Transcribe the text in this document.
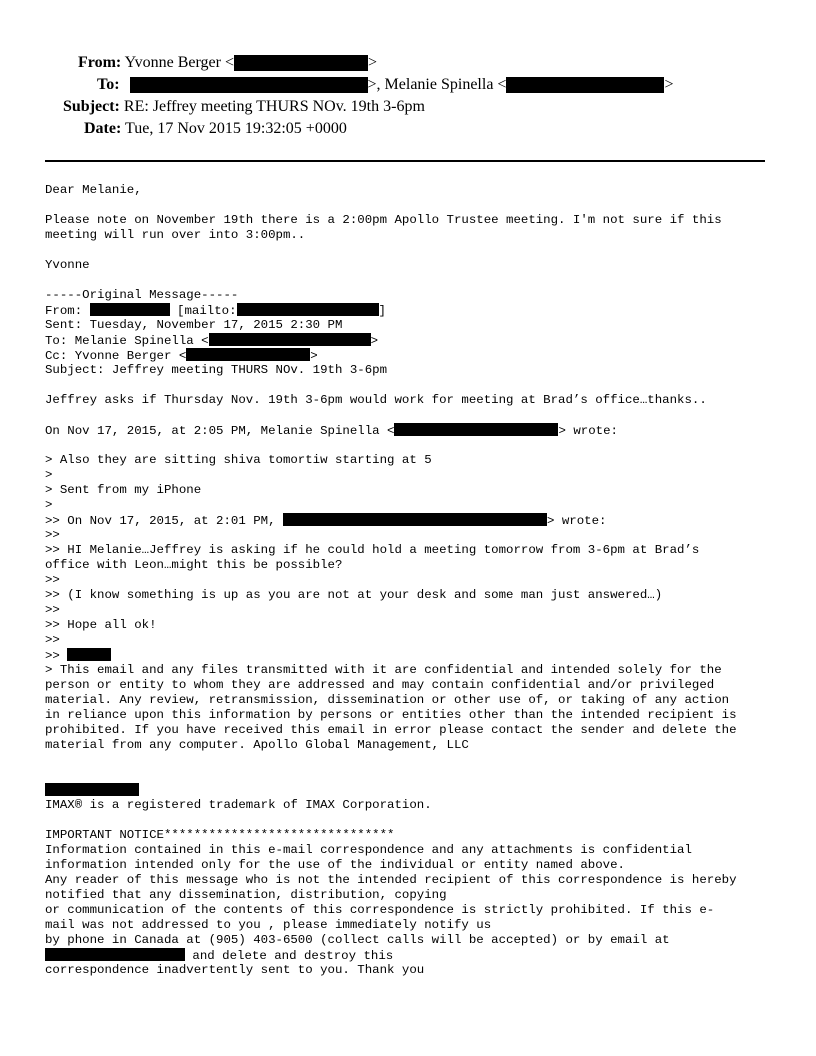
From: Yvonne Berger <	>
To:	>, Melanie Spinella <	>
Subject: RE: Jeffrey meeting THURS NOv. 19th 3-6pm
Date: Tue, 17 Nov 2015 19:32:05 +0000
Dear Melanie,
Please note on November 19th there is a 2:00pm Apollo Trustee meeting. I'm not sure if this
meeting will run over into 3:00pm..
Yvonne
-----Original Message-----
From:	[mailto:	]
Sent: Tuesday, November 17, 2015 2:30 PM
To: Melanie Spinella <	>
Cc: Yvonne Berger <	>
Subject: Jeffrey meeting THURS NOv. 19th 3-6pm
Jeffrey asks if Thursday Nov. 19th 3-6pm would work for meeting at Brad’s office…thanks..
On Nov 17, 2015, at 2:05 PM, Melanie Spinella <	> wrote:
> Also they are sitting shiva tomortiw starting at 5
>
> Sent from my iPhone
>
>> On Nov 17, 2015, at 2:01 PM,	> wrote:
>>
>> HI Melanie…Jeffrey is asking if he could hold a meeting tomorrow from 3-6pm at Brad’s
office with Leon…might this be possible?
>>
>> (I know something is up as you are not at your desk and some man just answered…)
>>
>> Hope all ok!
>>
>>
> This email and any files transmitted with it are confidential and intended solely for the
person or entity to whom they are addressed and may contain confidential and/or privileged
material. Any review, retransmission, dissemination or other use of, or taking of any action
in reliance upon this information by persons or entities other than the intended recipient is
prohibited. If you have received this email in error please contact the sender and delete the
material from any computer. Apollo Global Management, LLC
IMAX® is a registered trademark of IMAX Corporation.
IMPORTANT NOTICE*******************************
Information contained in this e-mail correspondence and any attachments is confidential
information intended only for the use of the individual or entity named above.
Any reader of this message who is not the intended recipient of this correspondence is hereby
notified that any dissemination, distribution, copying
or communication of the contents of this correspondence is strictly prohibited. If this e-
mail was not addressed to you , please immediately notify us
by phone in Canada at (905) 403-6500 (collect calls will be accepted) or by email at
and delete and destroy this
correspondence inadvertently sent to you. Thank you
